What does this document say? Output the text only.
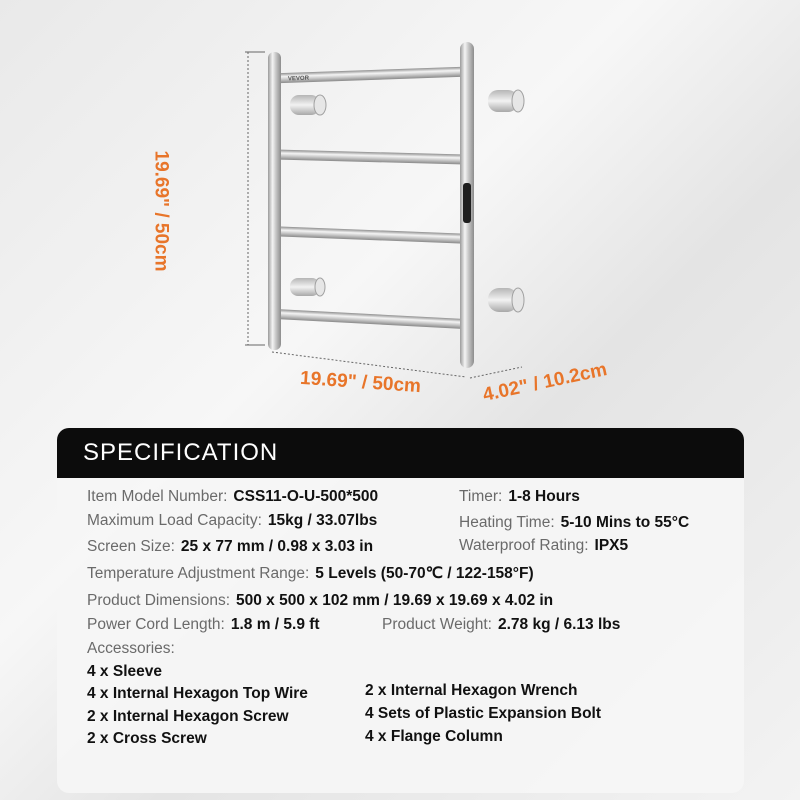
VEVOR
19.69" / 50cm
19.69" / 50cm	4.02" / 10.2cm
SPECIFICATION
Item Model Number: CSS11-O-U-500*500	Timer: 1-8 Hours
Maximum Load Capacity: 15kg / 33.07lbs	Heating Time: 5-10 Mins to 55°C
Screen Size: 25 x 77 mm / 0.98 x 3.03 in	Waterproof Rating: IPX5
Temperature Adjustment Range: 5 Levels (50-70℃ / 122-158°F)
Product Dimensions: 500 x 500 x 102 mm / 19.69 x 19.69 x 4.02 in
Power Cord Length: 1.8 m / 5.9 ft	Product Weight: 2.78 kg / 6.13 lbs
Accessories:
4 x Sleeve
4 x Internal Hexagon Top Wire
2 x Internal Hexagon Screw
2 x Cross Screw
2 x Internal Hexagon Wrench
4 Sets of Plastic Expansion Bolt
4 x Flange Column
